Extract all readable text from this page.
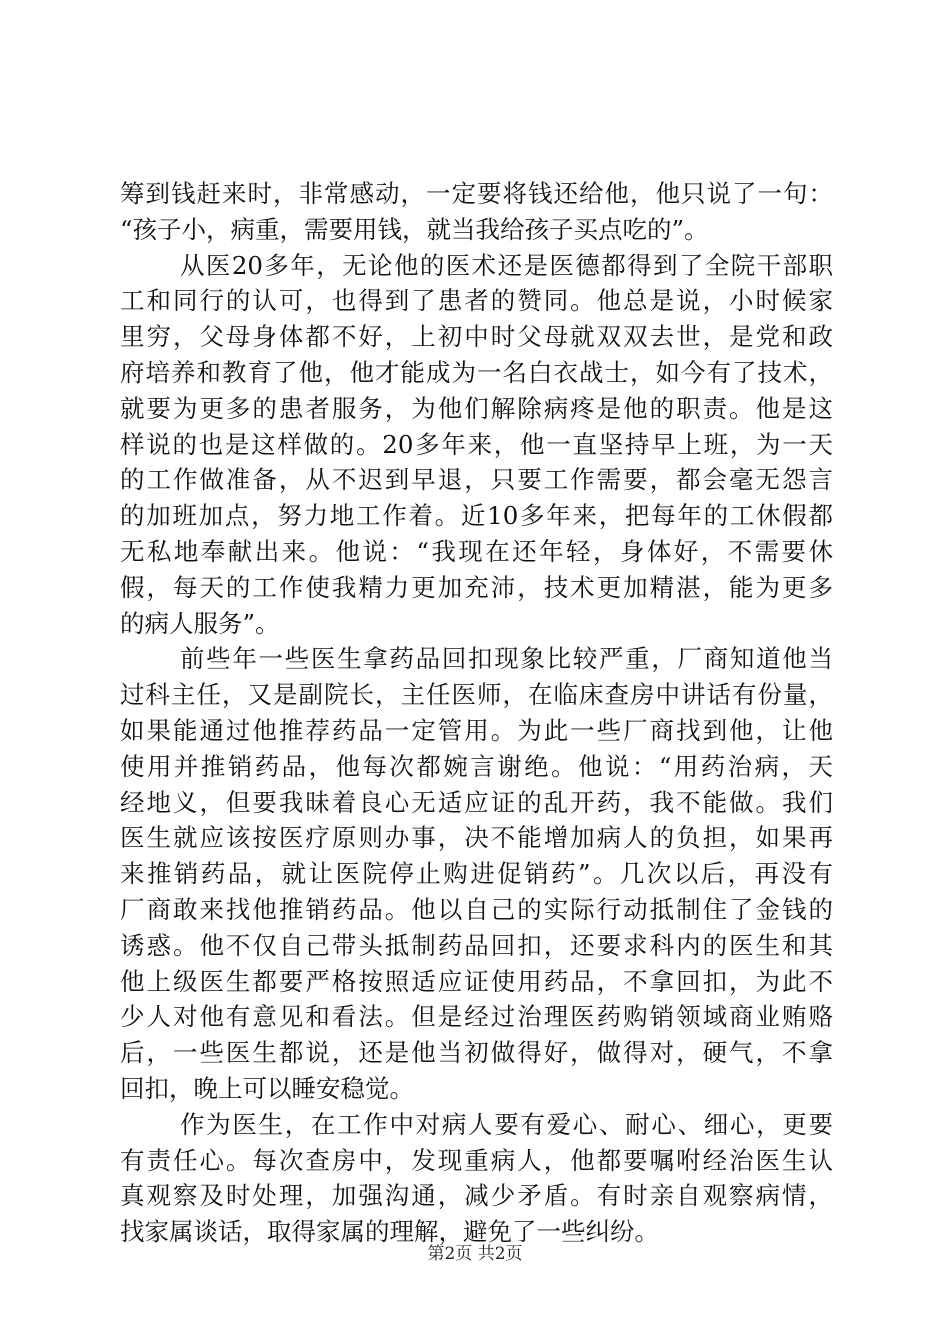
筹到钱赶来时，非常感动，一定要将钱还给他，他只说了一句：
“孩子小，病重，需要用钱，就当我给孩子买点吃的”。
从医20多年，无论他的医术还是医德都得到了全院干部职
工和同行的认可，也得到了患者的赞同。他总是说，小时候家
里穷，父母身体都不好，上初中时父母就双双去世，是党和政
府培养和教育了他，他才能成为一名白衣战士，如今有了技术，
就要为更多的患者服务，为他们解除病疼是他的职责。他是这
样说的也是这样做的。20多年来，他一直坚持早上班，为一天
的工作做准备，从不迟到早退，只要工作需要，都会毫无怨言
的加班加点，努力地工作着。近10多年来，把每年的工休假都
无私地奉献出来。他说：“我现在还年轻，身体好，不需要休
假，每天的工作使我精力更加充沛，技术更加精湛，能为更多
的病人服务”。
前些年一些医生拿药品回扣现象比较严重，厂商知道他当
过科主任，又是副院长，主任医师，在临床查房中讲话有份量，
如果能通过他推荐药品一定管用。为此一些厂商找到他，让他
使用并推销药品，他每次都婉言谢绝。他说：“用药治病，天
经地义，但要我昧着良心无适应证的乱开药，我不能做。我们
医生就应该按医疗原则办事，决不能增加病人的负担，如果再
来推销药品，就让医院停止购进促销药”。几次以后，再没有
厂商敢来找他推销药品。他以自己的实际行动抵制住了金钱的
诱惑。他不仅自己带头抵制药品回扣，还要求科内的医生和其
他上级医生都要严格按照适应证使用药品，不拿回扣，为此不
少人对他有意见和看法。但是经过治理医药购销领域商业贿赂
后，一些医生都说，还是他当初做得好，做得对，硬气，不拿
回扣，晚上可以睡安稳觉。
作为医生，在工作中对病人要有爱心、耐心、细心，更要
有责任心。每次查房中，发现重病人，他都要嘱咐经治医生认
真观察及时处理，加强沟通，减少矛盾。有时亲自观察病情，
找家属谈话，取得家属的理解，避免了一些纠纷。
第2页 共2页
